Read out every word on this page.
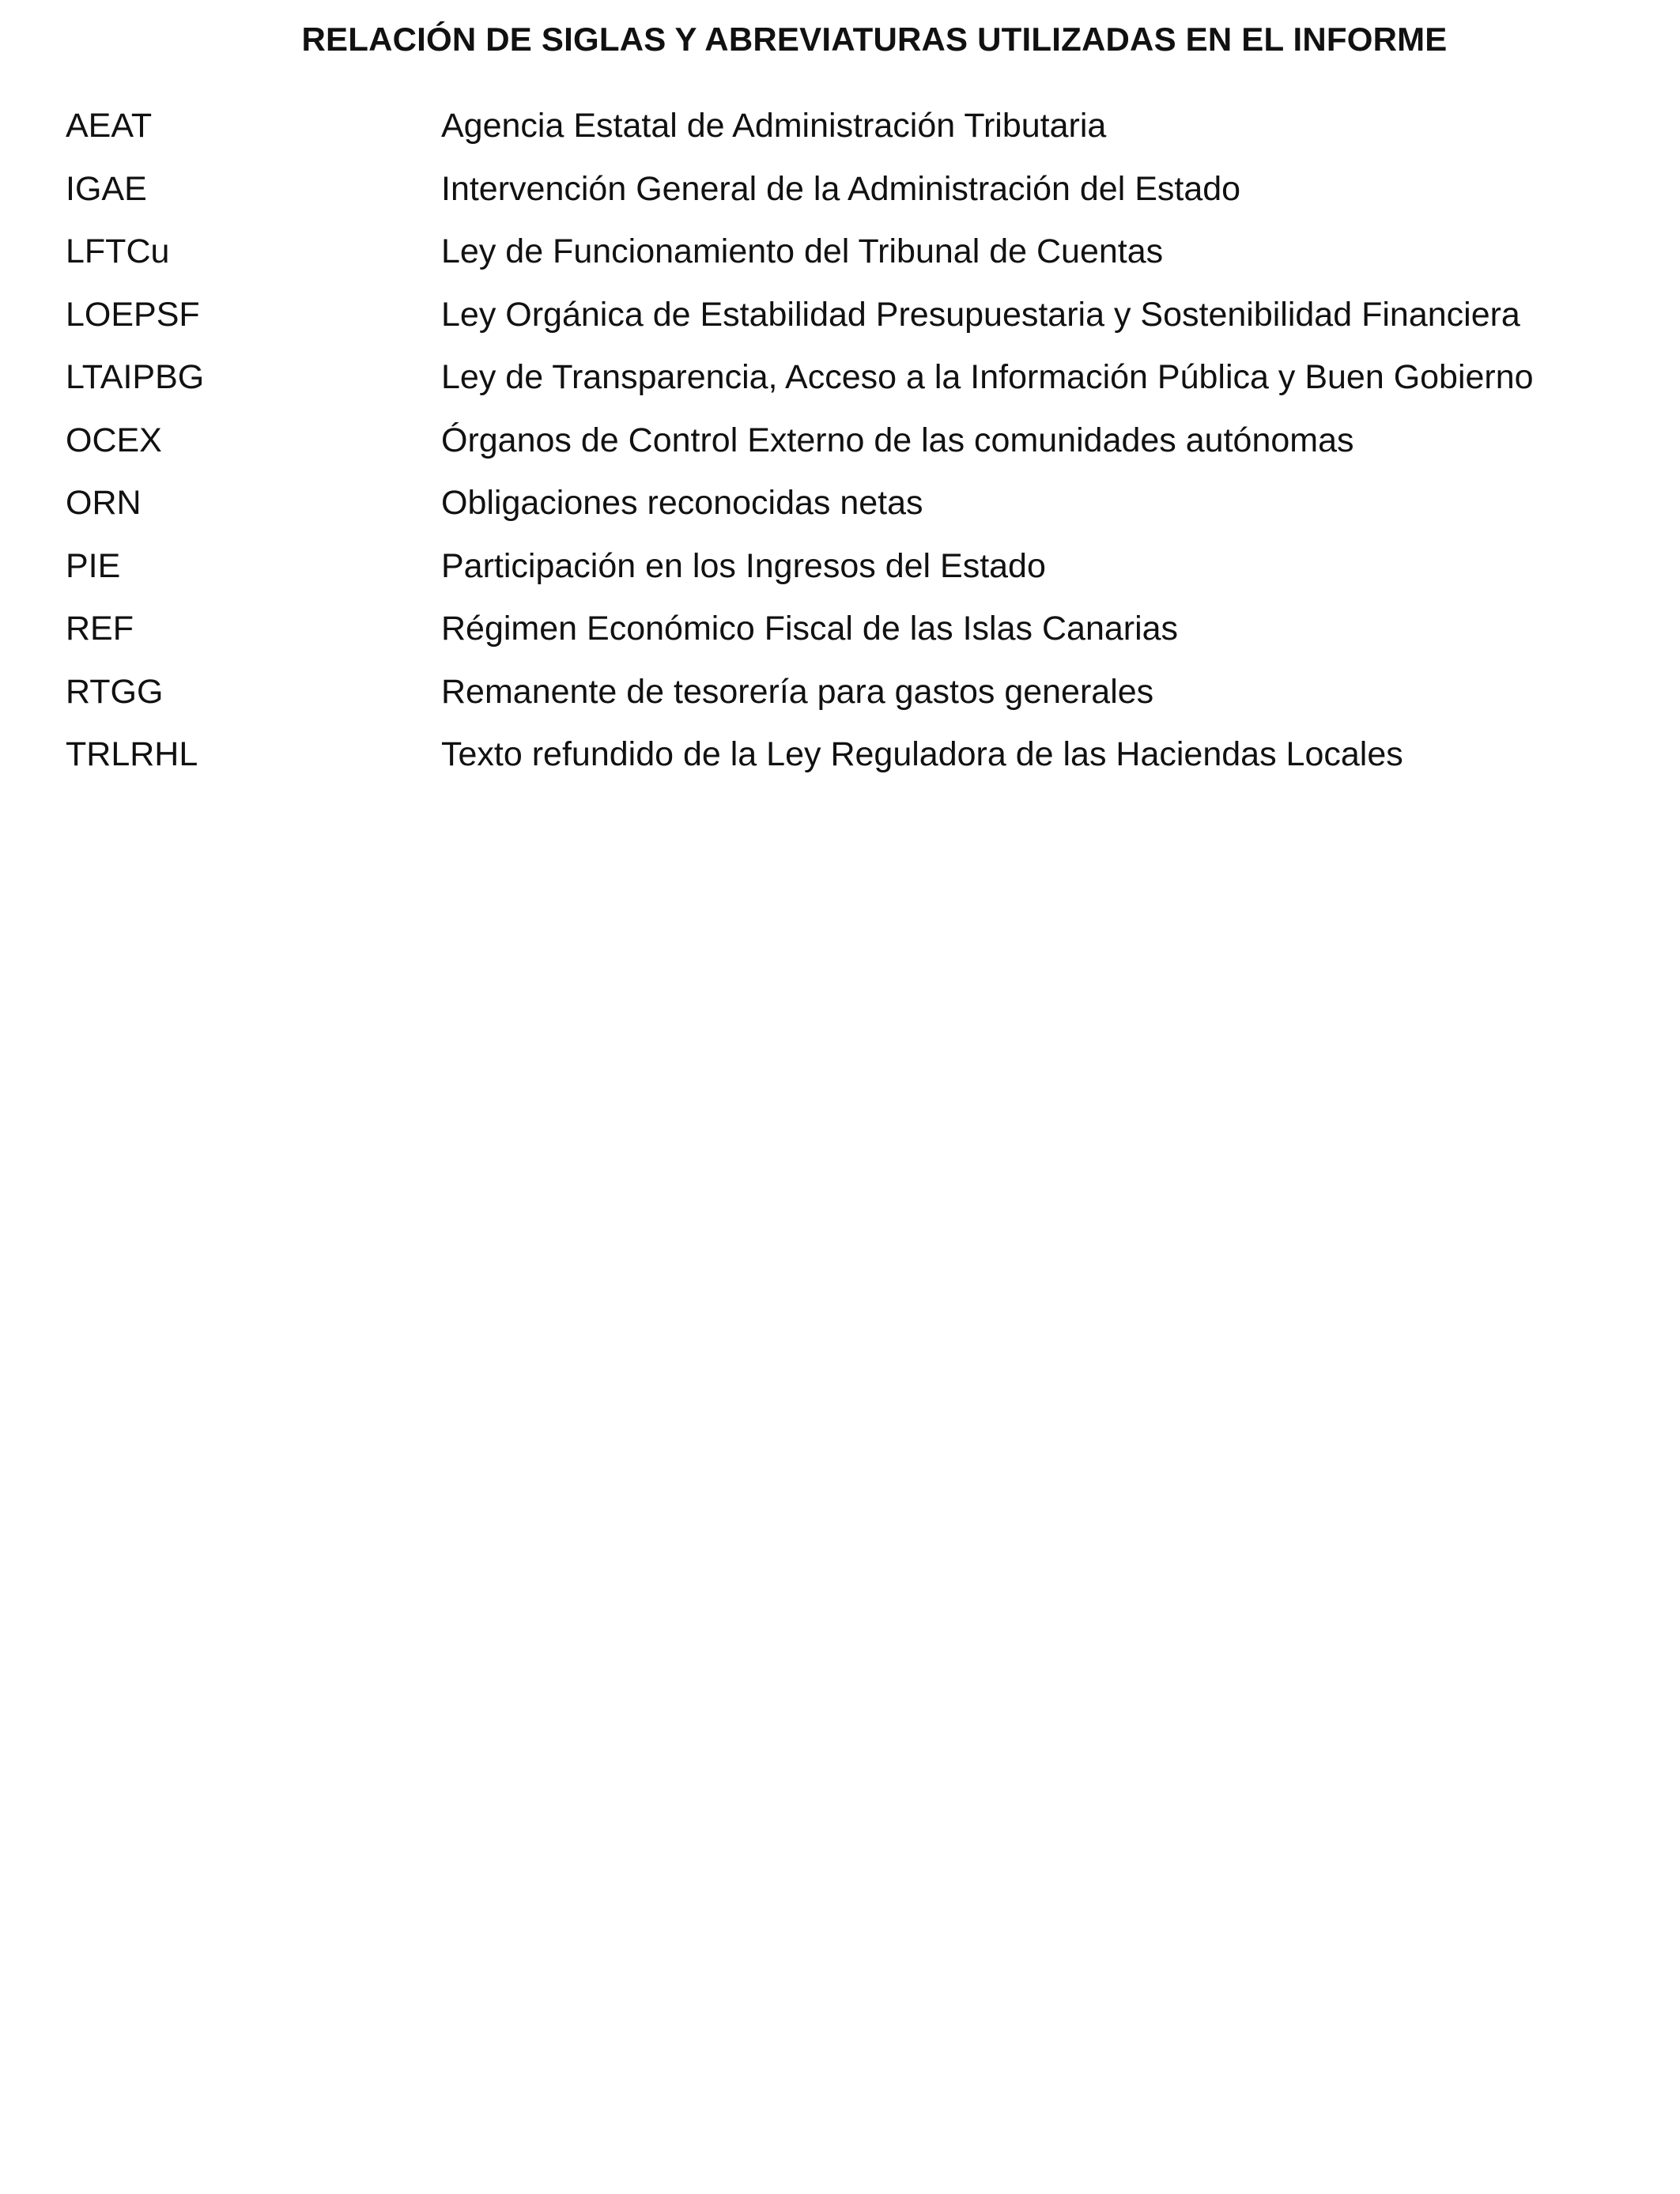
RELACIÓN DE SIGLAS Y ABREVIATURAS UTILIZADAS EN EL INFORME
AEAT	Agencia Estatal de Administración Tributaria
IGAE	Intervención General de la Administración del Estado
LFTCu	Ley de Funcionamiento del Tribunal de Cuentas
LOEPSF	Ley Orgánica de Estabilidad Presupuestaria y Sostenibilidad Financiera
LTAIPBG	Ley de Transparencia, Acceso a la Información Pública y Buen Gobierno
OCEX	Órganos de Control Externo de las comunidades autónomas
ORN	Obligaciones reconocidas netas
PIE	Participación en los Ingresos del Estado
REF	Régimen Económico Fiscal de las Islas Canarias
RTGG	Remanente de tesorería para gastos generales
TRLRHL	Texto refundido de la Ley Reguladora de las Haciendas Locales
